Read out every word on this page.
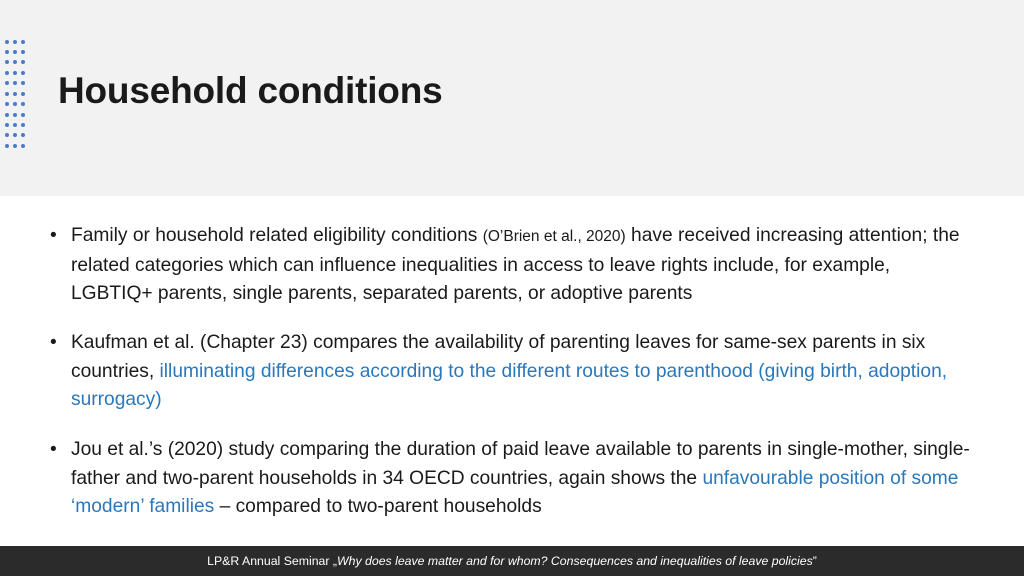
Household conditions
• Family or household related eligibility conditions (O’Brien et al., 2020) have received increasing attention; the related categories which can influence inequalities in access to leave rights include, for example, LGBTIQ+ parents, single parents, separated parents, or adoptive parents
• Kaufman et al. (Chapter 23) compares the availability of parenting leaves for same-sex parents in six countries, illuminating differences according to the different routes to parenthood (giving birth, adoption, surrogacy)
• Jou et al.’s (2020) study comparing the duration of paid leave available to parents in single-mother, single-father and two-parent households in 34 OECD countries, again shows the unfavourable position of some ‘modern’ families – compared to two-parent households
LP&R Annual Seminar „Why does leave matter and for whom? Consequences and inequalities of leave policies”
